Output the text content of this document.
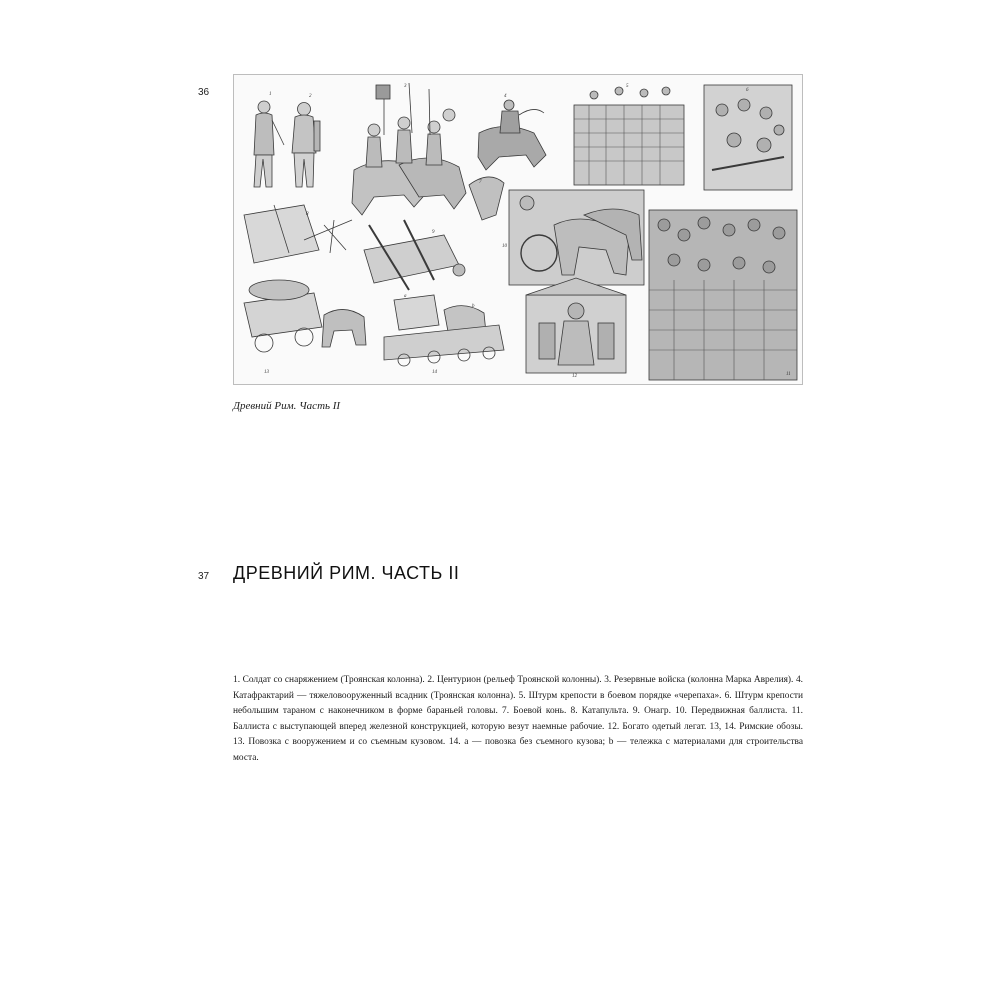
36	1	2
3
4
5
6
7
8
9
10
11
12
13	14
a
b
Древний Рим. Часть II
37 ДРЕВНИЙ РИМ. ЧАСТЬ II
1. Солдат со снаряжением (Троянская колонна). 2. Центурион (рельеф Троянской колонны). 3. Резервные войска (колонна Марка Аврелия). 4. Катафрактарий — тяжеловооруженный всадник (Троянская колонна). 5. Штурм крепости в боевом порядке «черепаха». 6. Штурм крепости небольшим тараном с наконечником в форме бараньей головы. 7. Боевой конь. 8. Катапульта. 9. Онагр. 10. Передвижная баллиста. 11. Баллиста с выступающей вперед железной конструкцией, которую везут наемные рабочие. 12. Богато одетый легат. 13, 14. Римские обозы. 13. Повозка с вооружением и со съемным кузовом. 14. a — повозка без съемного кузова; b — тележка с материалами для строительства моста.
